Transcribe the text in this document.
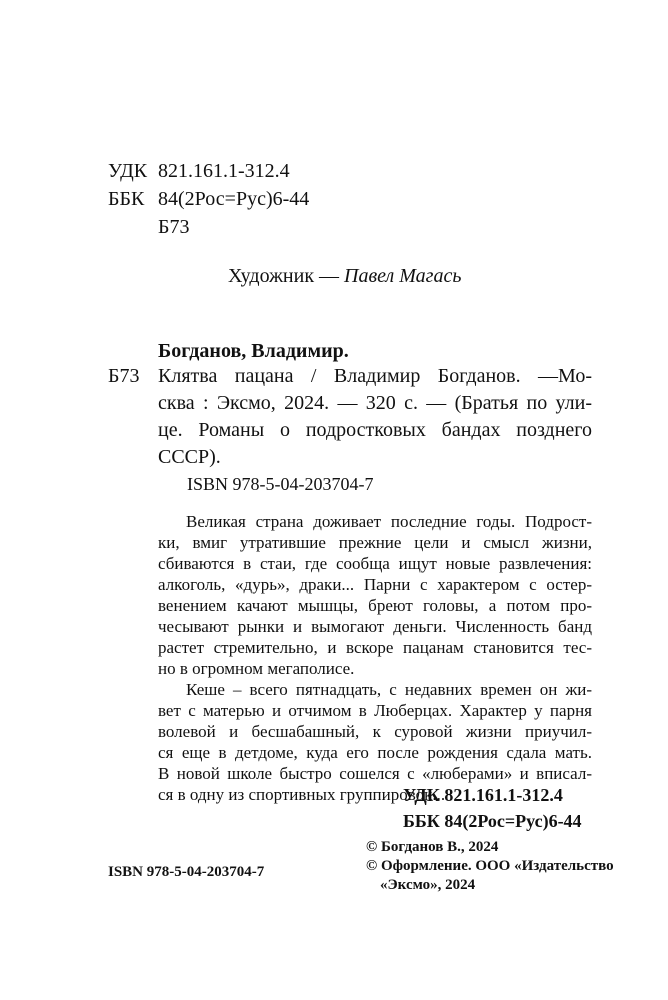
УДК 821.161.1-312.4
ББК 84(2Рос=Рус)6-44
Б73
Художник — Павел Магась
Богданов, Владимир.
Б73 Клятва пацана / Владимир Богданов. —Мо-
сква : Эксмо, 2024. — 320 с. — (Братья по ули-
це. Романы о подростковых бандах позднего
СССР).
ISBN 978-5-04-203704-7
Великая страна доживает последние годы. Подрост-
ки, вмиг утратившие прежние цели и смысл жизни,
сбиваются в стаи, где сообща ищут новые развлечения:
алкоголь, «дурь», драки... Парни с характером с остер-
венением качают мышцы, бреют головы, а потом про-
чесывают рынки и вымогают деньги. Численность банд
растет стремительно, и вскоре пацанам становится тес-
но в огромном мегаполисе.
Кеше – всего пятнадцать, с недавних времен он жи-
вет с матерью и отчимом в Люберцах. Характер у парня
волевой и бесшабашный, к суровой жизни приучил-
ся еще в детдоме, куда его после рождения сдала мать.
В новой школе быстро сошелся с «люберами» и вписал-
ся в одну из спортивных группировок...
УДК 821.161.1-312.4
ББК 84(2Рос=Рус)6-44
© Богданов В., 2024
© Оформление. ООО «Издательство
«Эксмо», 2024
ISBN 978-5-04-203704-7
